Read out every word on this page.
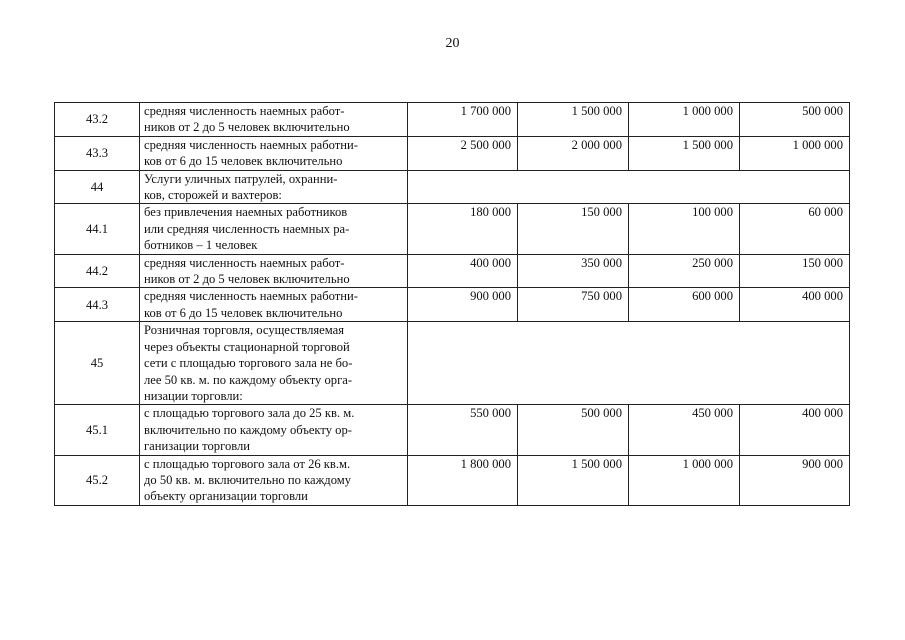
20
43.2	средняя численность наемных работ-
ников от 2 до 5 человек включительно	1 700 000	1 500 000	1 000 000	500 000
43.3	средняя численность наемных работни-
ков от 6 до 15 человек включительно	2 500 000	2 000 000	1 500 000	1 000 000
44	Услуги уличных патрулей, охранни-
ков, сторожей и вахтеров:				

44.1	без привлечения наемных работников
или средняя численность наемных ра-
ботников – 1 человек	180 000	150 000	100 000	60 000
44.2	средняя численность наемных работ-
ников от 2 до 5 человек включительно	400 000	350 000	250 000	150 000
44.3	средняя численность наемных работни-
ков от 6 до 15 человек включительно	900 000	750 000	600 000	400 000
45	Розничная торговля, осуществляемая
через объекты стационарной торговой
сети с площадью торгового зала не бо-
лее 50 кв. м. по каждому объекту орга-
низации торговли:				

45.1	с площадью торгового зала до 25 кв. м.
включительно по каждому объекту ор-
ганизации торговли	550 000	500 000	450 000	400 000
45.2	с площадью торгового зала от 26 кв.м.
до 50 кв. м. включительно по каждому
объекту организации торговли	1 800 000	1 500 000	1 000 000	900 000
